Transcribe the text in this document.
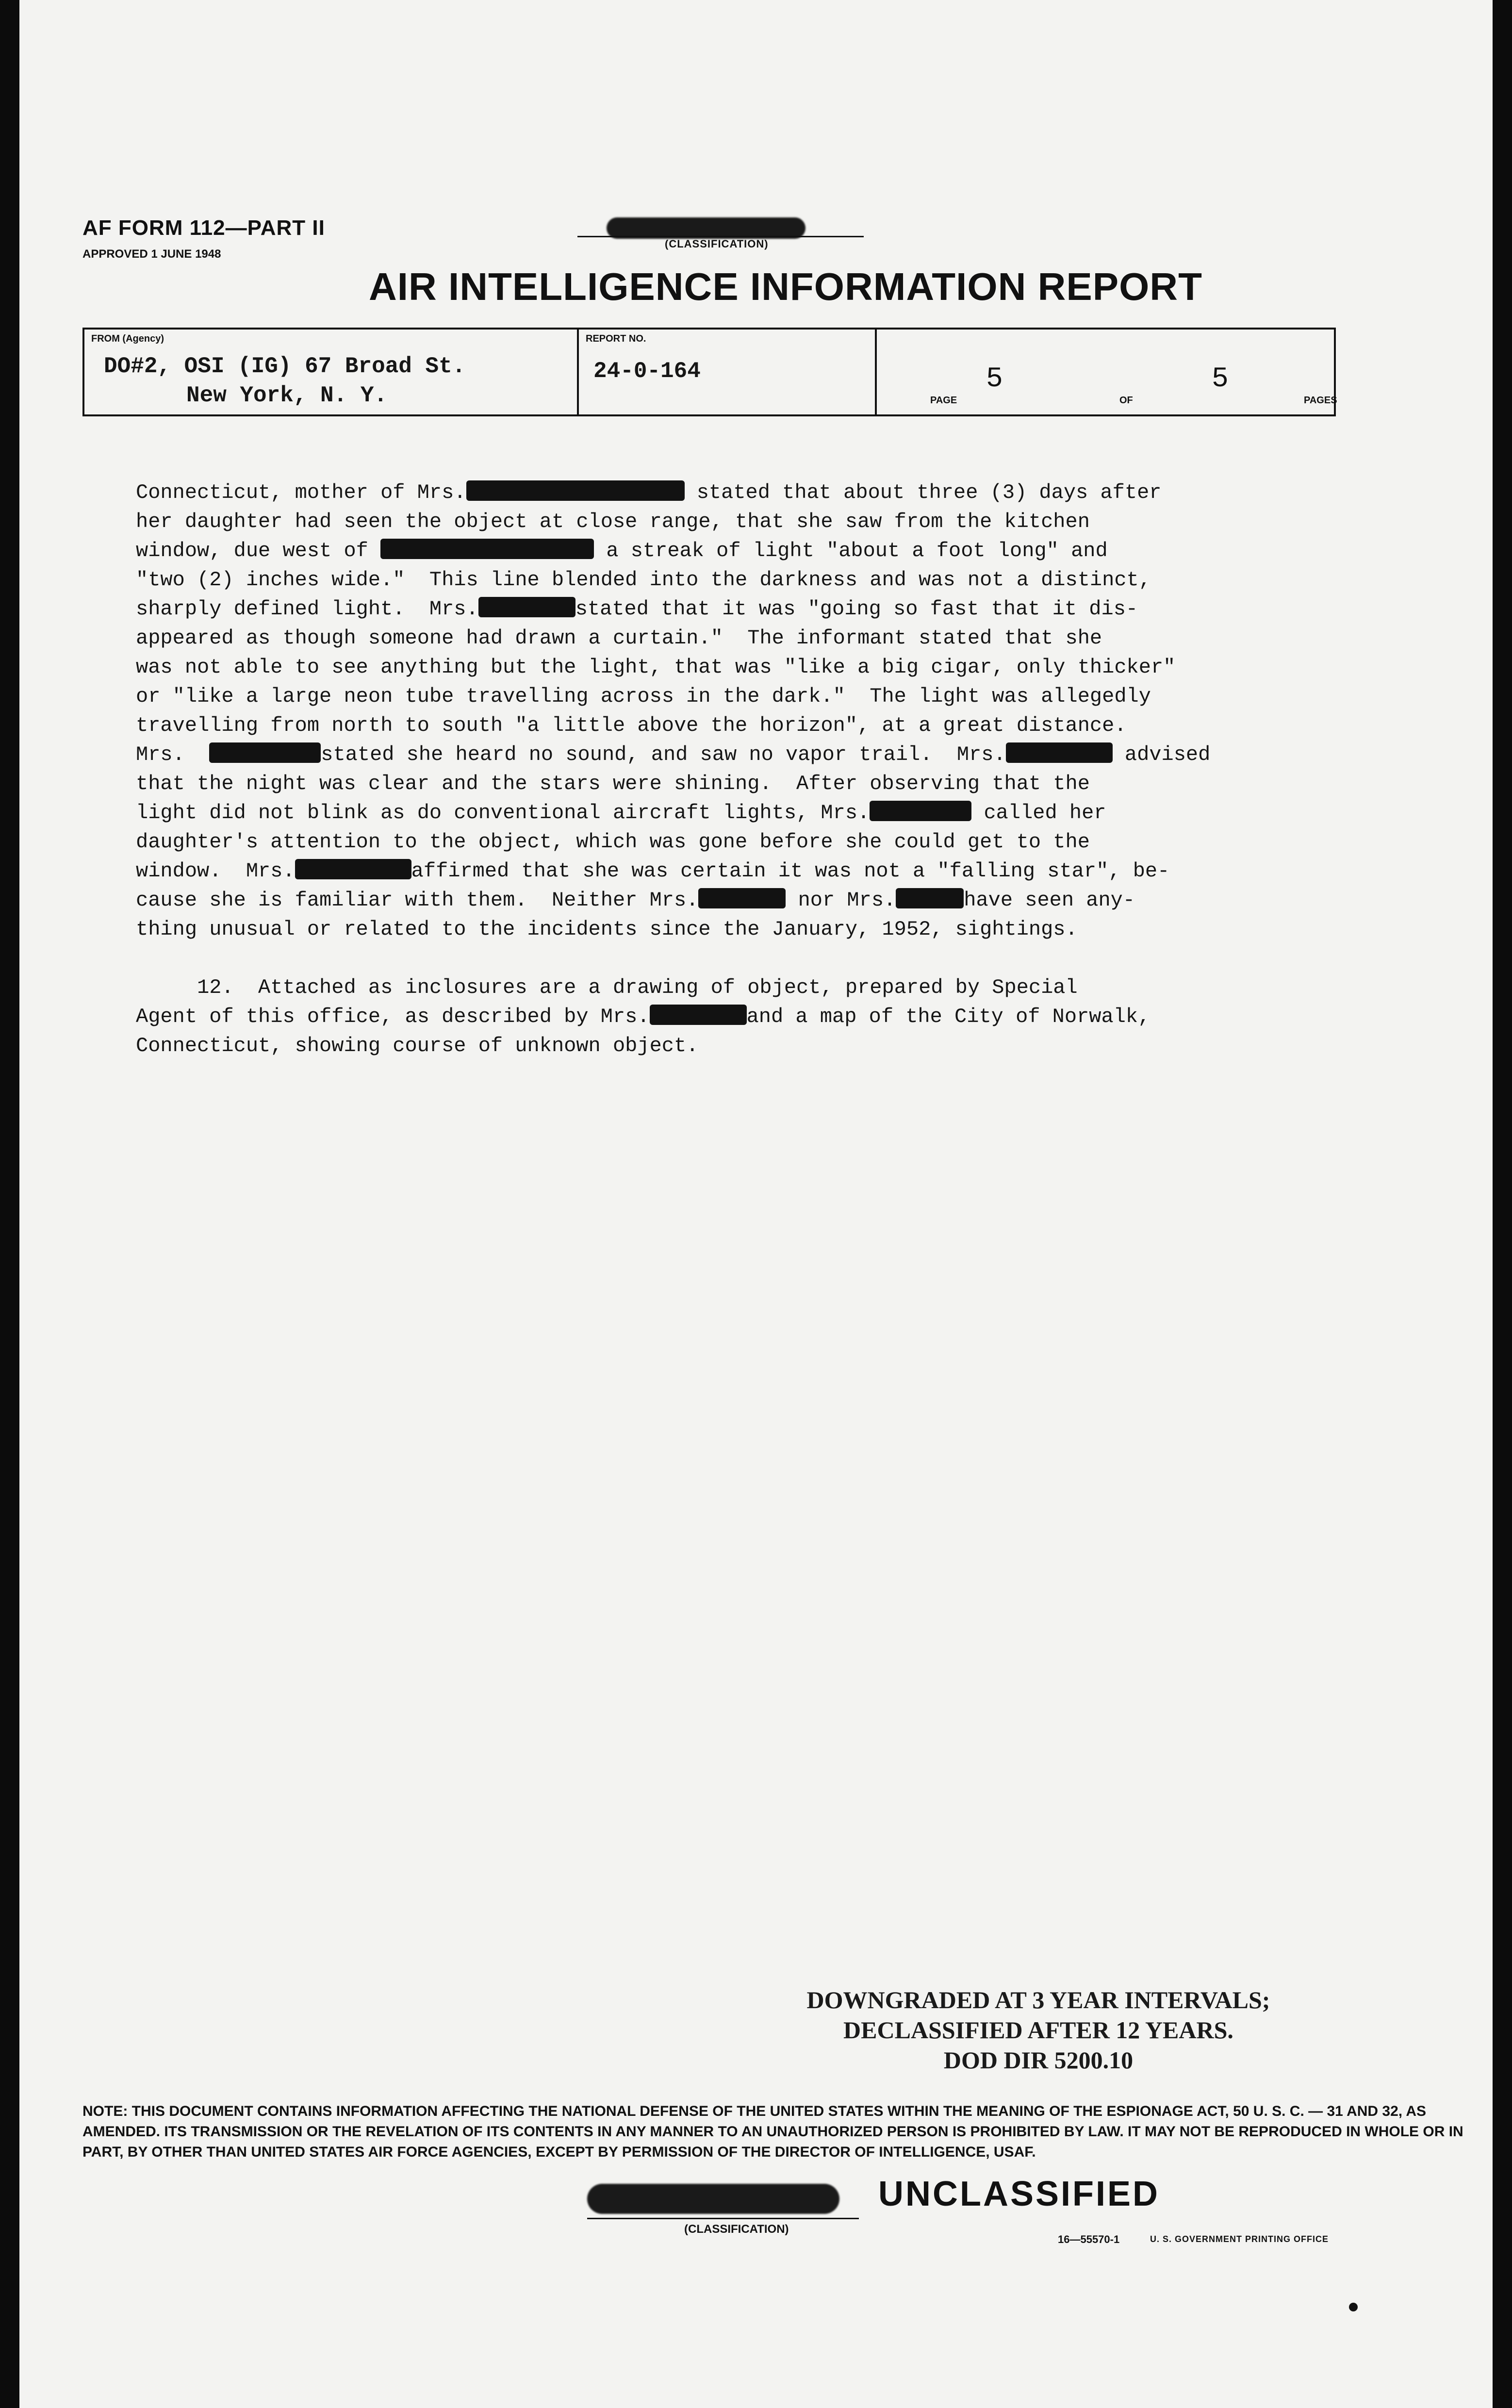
AF FORM 112—PART II
APPROVED 1 JUNE 1948
(CLASSIFICATION)
AIR INTELLIGENCE INFORMATION REPORT
FROM (Agency)
DO#2, OSI (IG) 67 Broad St.
New York, N. Y.
REPORT NO.
24-0-164
PAGE
5
OF
5
PAGES
Connecticut, mother of Mrs.	stated that about three (3) days after
her daughter had seen the object at close range, that she saw from the kitchen
window, due west of	a streak of light "about a foot long" and
"two (2) inches wide."  This line blended into the darkness and was not a distinct,
sharply defined light.  Mrs.	stated that it was "going so fast that it dis-
appeared as though someone had drawn a curtain."  The informant stated that she
was not able to see anything but the light, that was "like a big cigar, only thicker"
or "like a large neon tube travelling across in the dark."  The light was allegedly
travelling from north to south "a little above the horizon", at a great distance.
Mrs.	stated she heard no sound, and saw no vapor trail.  Mrs.	advised
that the night was clear and the stars were shining.  After observing that the
light did not blink as do conventional aircraft lights, Mrs.	called her
daughter's attention to the object, which was gone before she could get to the
window.  Mrs.	affirmed that she was certain it was not a "falling star", be-
cause she is familiar with them.  Neither Mrs.	nor Mrs.	have seen any-
thing unusual or related to the incidents since the January, 1952, sightings.
12.  Attached as inclosures are a drawing of object, prepared by Special
Agent of this office, as described by Mrs.	and a map of the City of Norwalk,
Connecticut, showing course of unknown object.
DOWNGRADED AT 3 YEAR INTERVALS;
DECLASSIFIED AFTER 12 YEARS.
DOD DIR 5200.10
NOTE: THIS DOCUMENT CONTAINS INFORMATION AFFECTING THE NATIONAL DEFENSE OF THE UNITED STATES WITHIN THE MEANING OF THE ESPIONAGE ACT, 50 U. S. C. — 31 AND 32, AS AMENDED. ITS TRANSMISSION OR THE REVELATION OF ITS CONTENTS IN ANY MANNER TO AN UNAUTHORIZED PERSON IS PROHIBITED BY LAW. IT MAY NOT BE REPRODUCED IN WHOLE OR IN PART, BY OTHER THAN UNITED STATES AIR FORCE AGENCIES, EXCEPT BY PERMISSION OF THE DIRECTOR OF INTELLIGENCE, USAF.
UNCLASSIFIED
(CLASSIFICATION)
16—55570-1	U. S. GOVERNMENT PRINTING OFFICE
